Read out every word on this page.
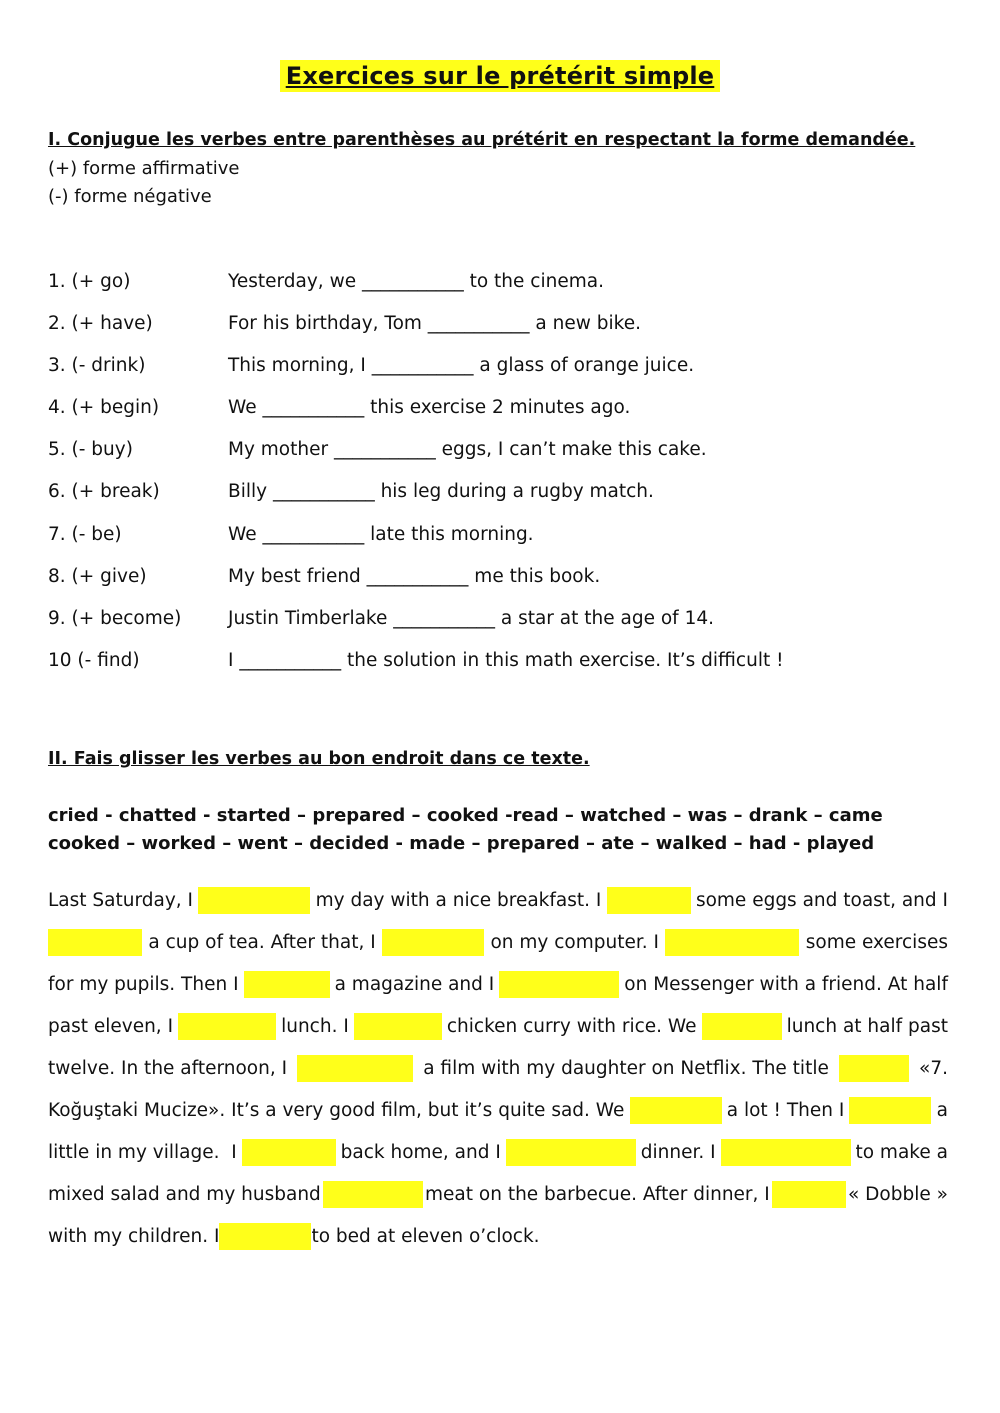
Exercices sur le prétérit simple
I. Conjugue les verbes entre parenthèses au prétérit en respectant la forme demandée.
(+) forme affirmative
(-) forme négative
1. (+ go)	Yesterday, we ___________ to the cinema.
2. (+ have)	For his birthday, Tom ___________ a new bike.
3. (- drink)	This morning, I ___________ a glass of orange juice.
4. (+ begin)	We ___________ this exercise 2 minutes ago.
5. (- buy)	My mother ___________ eggs, I can’t make this cake.
6. (+ break)	Billy ___________ his leg during a rugby match.
7. (- be)	We ___________ late this morning.
8. (+ give)	My best friend ___________ me this book.
9. (+ become)	Justin Timberlake ___________ a star at the age of 14.
10 (- find)	I ___________ the solution in this math exercise. It’s difficult !
II. Fais glisser les verbes au bon endroit dans ce texte.
cried - chatted - started – prepared – cooked -read – watched – was – drank – came
cooked – worked – went – decided - made – prepared – ate – walked – had - played
Last Saturday, I	my day with a nice breakfast. I	some eggs and toast, and I
a cup of tea. After that, I	on my computer. I	some exercises
for my pupils. Then I	a magazine and I	on Messenger with a friend. At half
past eleven, I	lunch. I	chicken curry with rice. We	lunch at half past
twelve. In the afternoon, I	a film with my daughter on Netflix. The title	«7.
Koğuştaki Mucize». It’s a very good film, but it’s quite sad. We	a lot ! Then I	a
little in my village.  I	back home, and I	dinner. I	to make a
mixed salad and my husband	meat on the barbecue. After dinner, I	« Dobble »
with my children. I	to bed at eleven o’clock.
